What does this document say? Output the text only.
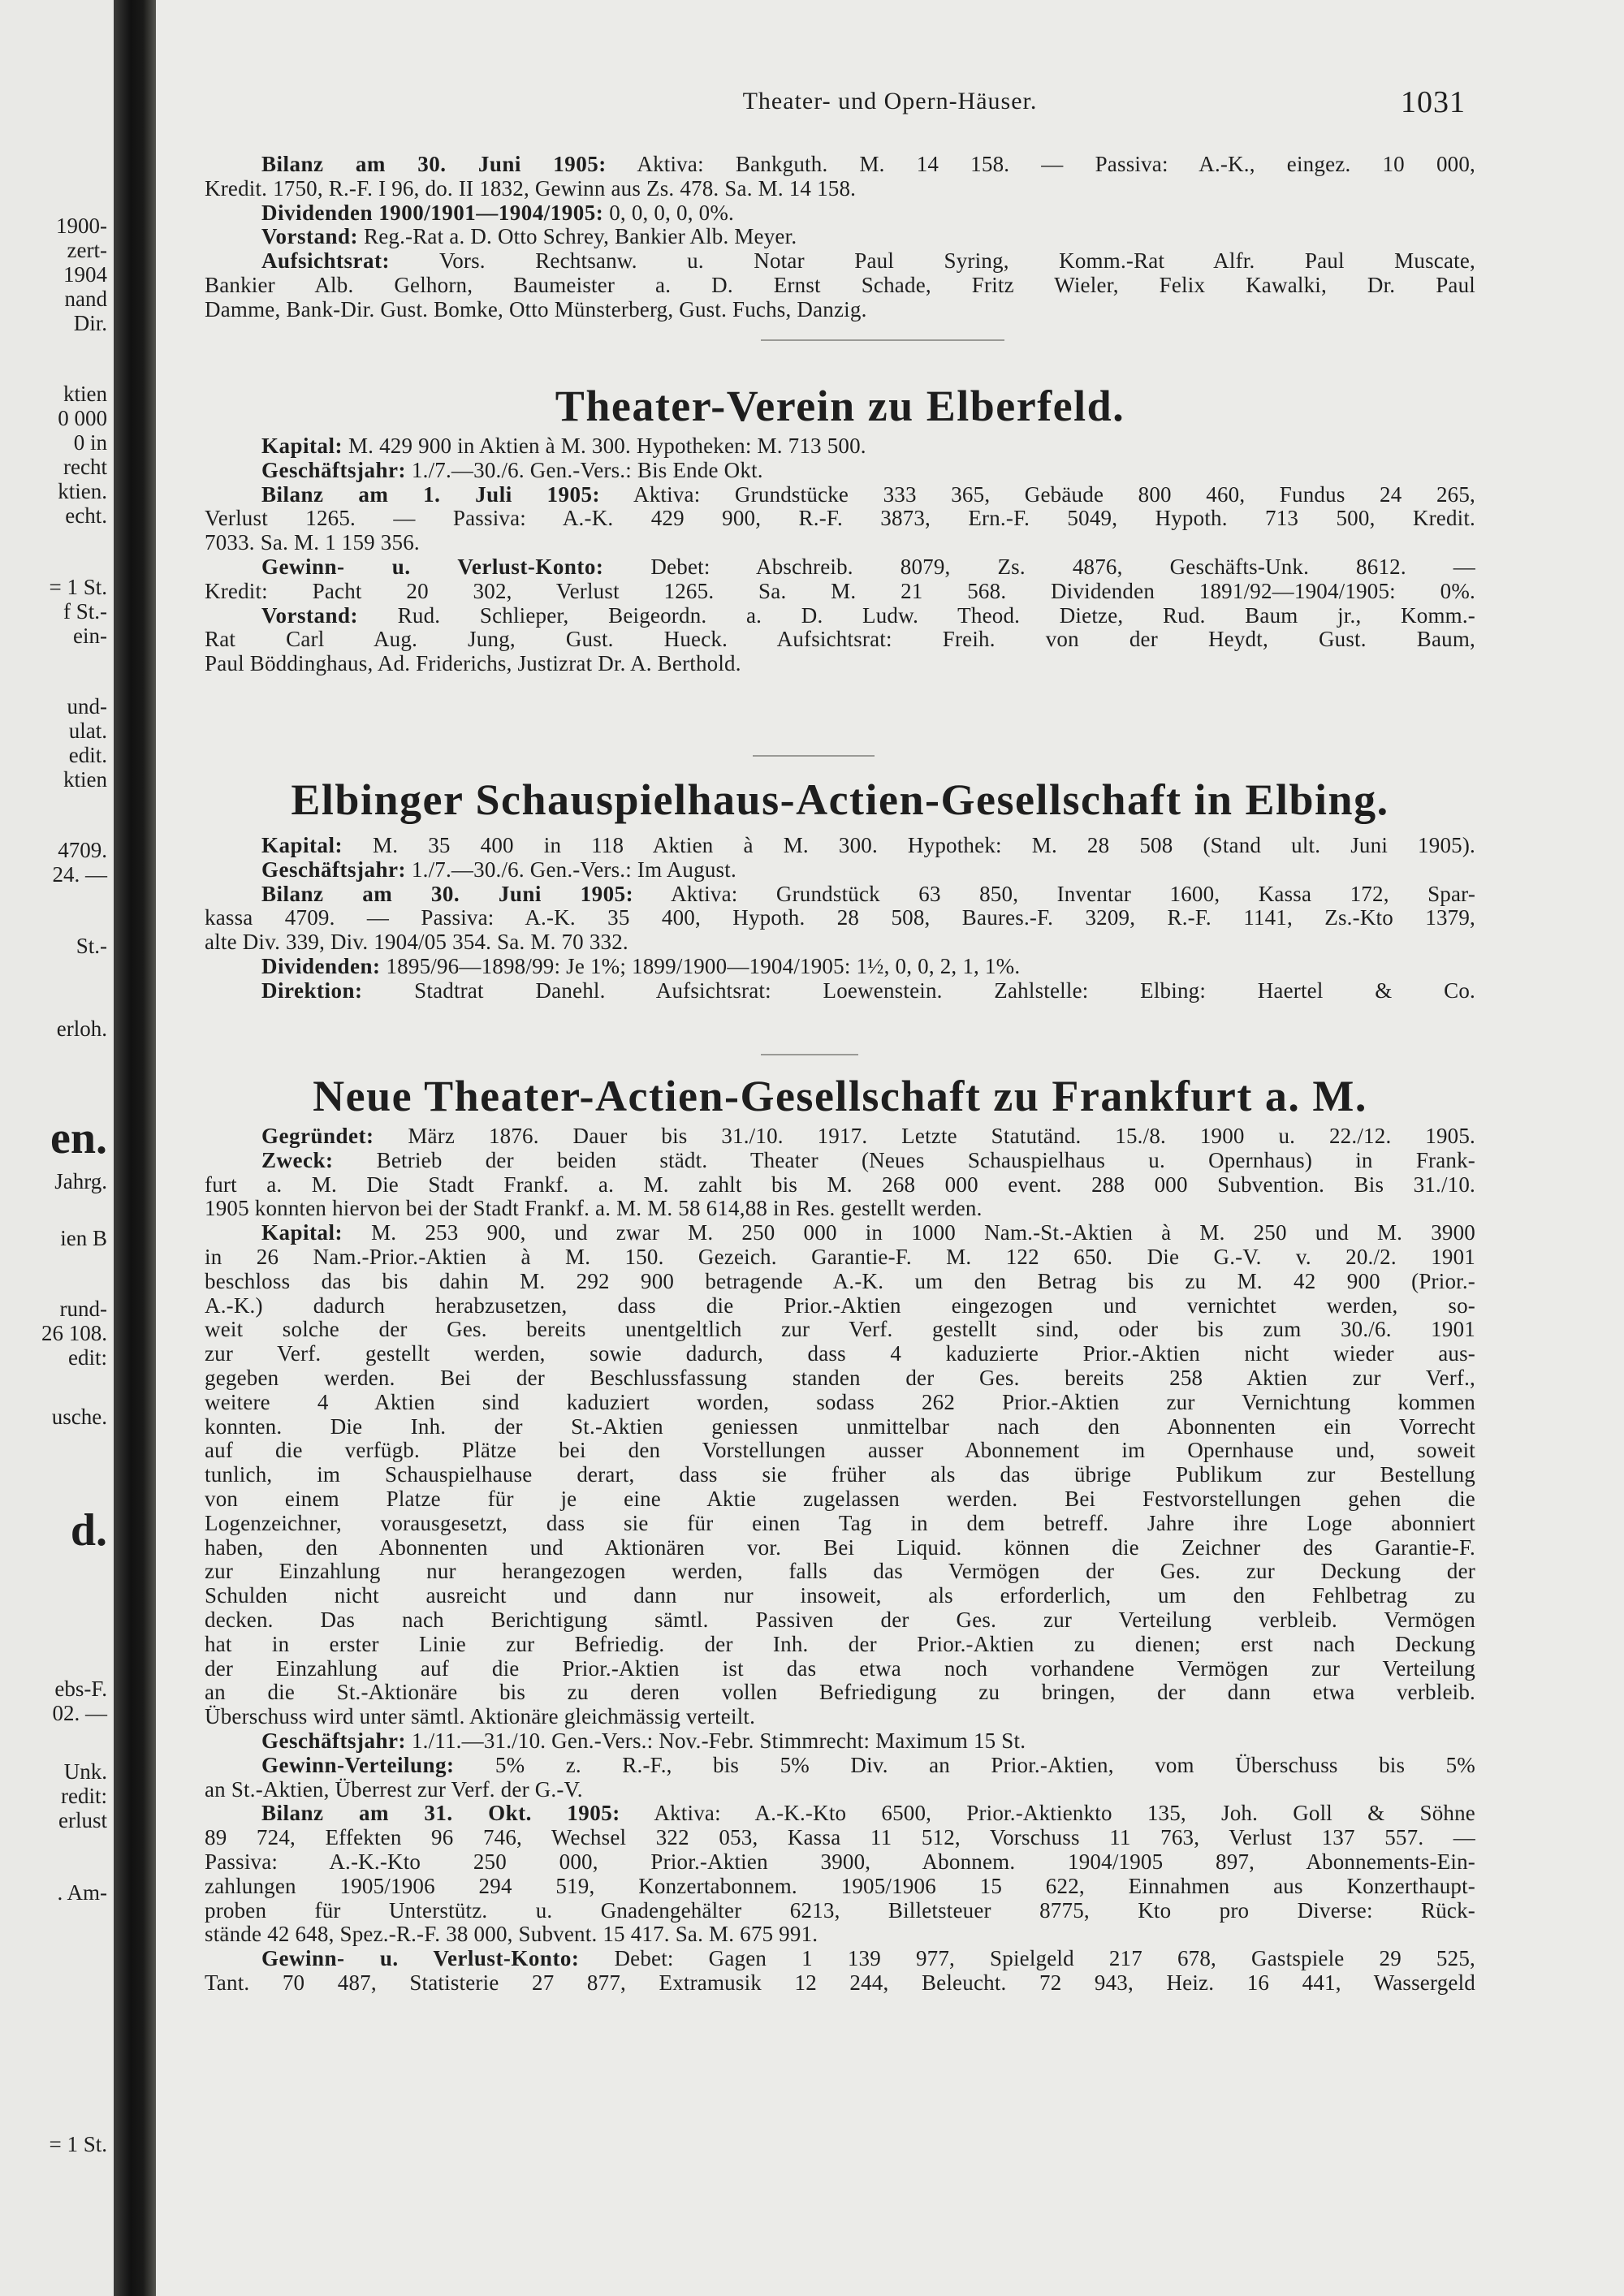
1900-
zert-
1904
nand
Dir.
ktien
0 000
0 in
recht
ktien.
echt.
= 1 St.
f St.-
ein-
und-
ulat.
edit.
ktien
4709.
24. —
St.-
erloh.
en.
Jahrg.
ien B
rund-
26 108.
edit:
usche.
d.
ebs-F.
02. —
Unk.
redit:
erlust
. Am-
= 1 St.
Theater- und Opern-Häuser.	1031
Bilanz am 30. Juni 1905: Aktiva: Bankguth. M. 14 158. — Passiva: A.-K., eingez. 10 000,
Kredit. 1750, R.-F. I 96, do. II 1832, Gewinn aus Zs. 478. Sa. M. 14 158.
Dividenden 1900/1901—1904/1905: 0, 0, 0, 0, 0%.
Vorstand: Reg.-Rat a. D. Otto Schrey, Bankier Alb. Meyer.
Aufsichtsrat: Vors. Rechtsanw. u. Notar Paul Syring, Komm.-Rat Alfr. Paul Muscate,
Bankier Alb. Gelhorn, Baumeister a. D. Ernst Schade, Fritz Wieler, Felix Kawalki, Dr. Paul
Damme, Bank-Dir. Gust. Bomke, Otto Münsterberg, Gust. Fuchs, Danzig.
Theater-Verein zu Elberfeld.
Kapital: M. 429 900 in Aktien à M. 300. Hypotheken: M. 713 500.
Geschäftsjahr: 1./7.—30./6. Gen.-Vers.: Bis Ende Okt.
Bilanz am 1. Juli 1905: Aktiva: Grundstücke 333 365, Gebäude 800 460, Fundus 24 265,
Verlust 1265. — Passiva: A.-K. 429 900, R.-F. 3873, Ern.-F. 5049, Hypoth. 713 500, Kredit.
7033. Sa. M. 1 159 356.
Gewinn- u. Verlust-Konto: Debet: Abschreib. 8079, Zs. 4876, Geschäfts-Unk. 8612. —
Kredit: Pacht 20 302, Verlust 1265. Sa. M. 21 568. Dividenden 1891/92—1904/1905: 0%.
Vorstand: Rud. Schlieper, Beigeordn. a. D. Ludw. Theod. Dietze, Rud. Baum jr., Komm.-
Rat Carl Aug. Jung, Gust. Hueck. Aufsichtsrat: Freih. von der Heydt, Gust. Baum,
Paul Böddinghaus, Ad. Friderichs, Justizrat Dr. A. Berthold.
Elbinger Schauspielhaus-Actien-Gesellschaft in Elbing.
Kapital: M. 35 400 in 118 Aktien à M. 300. Hypothek: M. 28 508 (Stand ult. Juni 1905).
Geschäftsjahr: 1./7.—30./6. Gen.-Vers.: Im August.
Bilanz am 30. Juni 1905: Aktiva: Grundstück 63 850, Inventar 1600, Kassa 172, Spar-
kassa 4709. — Passiva: A.-K. 35 400, Hypoth. 28 508, Baures.-F. 3209, R.-F. 1141, Zs.-Kto 1379,
alte Div. 339, Div. 1904/05 354. Sa. M. 70 332.
Dividenden: 1895/96—1898/99: Je 1%; 1899/1900—1904/1905: 1½, 0, 0, 2, 1, 1%.
Direktion: Stadtrat Danehl. Aufsichtsrat: Loewenstein. Zahlstelle: Elbing: Haertel & Co.
Neue Theater-Actien-Gesellschaft zu Frankfurt a. M.
Gegründet: März 1876. Dauer bis 31./10. 1917. Letzte Statutänd. 15./8. 1900 u. 22./12. 1905.
Zweck: Betrieb der beiden städt. Theater (Neues Schauspielhaus u. Opernhaus) in Frank-
furt a. M. Die Stadt Frankf. a. M. zahlt bis M. 268 000 event. 288 000 Subvention. Bis 31./10.
1905 konnten hiervon bei der Stadt Frankf. a. M. M. 58 614,88 in Res. gestellt werden.
Kapital: M. 253 900, und zwar M. 250 000 in 1000 Nam.-St.-Aktien à M. 250 und M. 3900
in 26 Nam.-Prior.-Aktien à M. 150. Gezeich. Garantie-F. M. 122 650. Die G.-V. v. 20./2. 1901
beschloss das bis dahin M. 292 900 betragende A.-K. um den Betrag bis zu M. 42 900 (Prior.-
A.-K.) dadurch herabzusetzen, dass die Prior.-Aktien eingezogen und vernichtet werden, so-
weit solche der Ges. bereits unentgeltlich zur Verf. gestellt sind, oder bis zum 30./6. 1901
zur Verf. gestellt werden, sowie dadurch, dass 4 kaduzierte Prior.-Aktien nicht wieder aus-
gegeben werden. Bei der Beschlussfassung standen der Ges. bereits 258 Aktien zur Verf.,
weitere 4 Aktien sind kaduziert worden, sodass 262 Prior.-Aktien zur Vernichtung kommen
konnten. Die Inh. der St.-Aktien geniessen unmittelbar nach den Abonnenten ein Vorrecht
auf die verfügb. Plätze bei den Vorstellungen ausser Abonnement im Opernhause und, soweit
tunlich, im Schauspielhause derart, dass sie früher als das übrige Publikum zur Bestellung
von einem Platze für je eine Aktie zugelassen werden. Bei Festvorstellungen gehen die
Logenzeichner, vorausgesetzt, dass sie für einen Tag in dem betreff. Jahre ihre Loge abonniert
haben, den Abonnenten und Aktionären vor. Bei Liquid. können die Zeichner des Garantie-F.
zur Einzahlung nur herangezogen werden, falls das Vermögen der Ges. zur Deckung der
Schulden nicht ausreicht und dann nur insoweit, als erforderlich, um den Fehlbetrag zu
decken. Das nach Berichtigung sämtl. Passiven der Ges. zur Verteilung verbleib. Vermögen
hat in erster Linie zur Befriedig. der Inh. der Prior.-Aktien zu dienen; erst nach Deckung
der Einzahlung auf die Prior.-Aktien ist das etwa noch vorhandene Vermögen zur Verteilung
an die St.-Aktionäre bis zu deren vollen Befriedigung zu bringen, der dann etwa verbleib.
Überschuss wird unter sämtl. Aktionäre gleichmässig verteilt.
Geschäftsjahr: 1./11.—31./10. Gen.-Vers.: Nov.-Febr. Stimmrecht: Maximum 15 St.
Gewinn-Verteilung: 5% z. R.-F., bis 5% Div. an Prior.-Aktien, vom Überschuss bis 5%
an St.-Aktien, Überrest zur Verf. der G.-V.
Bilanz am 31. Okt. 1905: Aktiva: A.-K.-Kto 6500, Prior.-Aktienkto 135, Joh. Goll & Söhne
89 724, Effekten 96 746, Wechsel 322 053, Kassa 11 512, Vorschuss 11 763, Verlust 137 557. —
Passiva: A.-K.-Kto 250 000, Prior.-Aktien 3900, Abonnem. 1904/1905 897, Abonnements-Ein-
zahlungen 1905/1906 294 519, Konzertabonnem. 1905/1906 15 622, Einnahmen aus Konzerthaupt-
proben für Unterstütz. u. Gnadengehälter 6213, Billetsteuer 8775, Kto pro Diverse: Rück-
stände 42 648, Spez.-R.-F. 38 000, Subvent. 15 417. Sa. M. 675 991.
Gewinn- u. Verlust-Konto: Debet: Gagen 1 139 977, Spielgeld 217 678, Gastspiele 29 525,
Tant. 70 487, Statisterie 27 877, Extramusik 12 244, Beleucht. 72 943, Heiz. 16 441, Wassergeld
